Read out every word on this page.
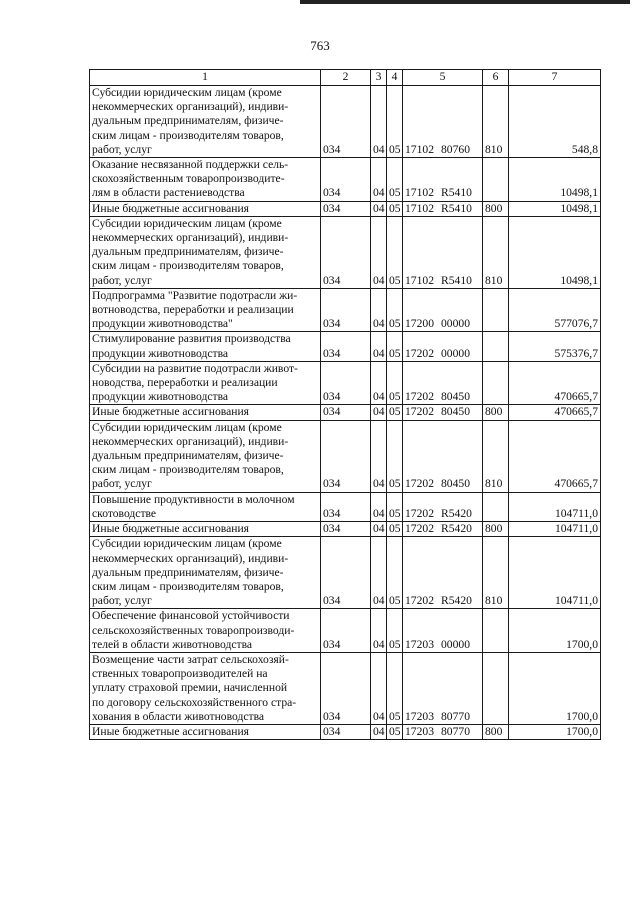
763
1	2	3	4	5	6	7

Субсидии юридическим лицам (кроме
некоммерческих организаций), индиви-
дуальным предпринимателям, физиче-
ским лицам - производителям товаров,
работ, услуг	034	04	05	17102 80760	810	548,8

Оказание несвязанной поддержки сель-
скохозяйственным товаропроизводите-
лям в области растениеводства	034	04	05	17102 R5410		10498,1

Иные бюджетные ассигнования	034	04	05	17102 R5410	800	10498,1

Субсидии юридическим лицам (кроме
некоммерческих организаций), индиви-
дуальным предпринимателям, физиче-
ским лицам - производителям товаров,
работ, услуг	034	04	05	17102 R5410	810	10498,1

Подпрограмма "Развитие подотрасли жи-
вотноводства, переработки и реализации
продукции животноводства"	034	04	05	17200 00000		577076,7

Стимулирование развития производства
продукции животноводства	034	04	05	17202 00000		575376,7

Субсидии на развитие подотрасли живот-
новодства, переработки и реализации
продукции животноводства	034	04	05	17202 80450		470665,7

Иные бюджетные ассигнования	034	04	05	17202 80450	800	470665,7

Субсидии юридическим лицам (кроме
некоммерческих организаций), индиви-
дуальным предпринимателям, физиче-
ским лицам - производителям товаров,
работ, услуг	034	04	05	17202 80450	810	470665,7

Повышение продуктивности в молочном
скотоводстве	034	04	05	17202 R5420		104711,0

Иные бюджетные ассигнования	034	04	05	17202 R5420	800	104711,0

Субсидии юридическим лицам (кроме
некоммерческих организаций), индиви-
дуальным предпринимателям, физиче-
ским лицам - производителям товаров,
работ, услуг	034	04	05	17202 R5420	810	104711,0

Обеспечение финансовой устойчивости
сельскохозяйственных товаропроизводи-
телей в области животноводства	034	04	05	17203 00000		1700,0

Возмещение части затрат сельскохозяй-
ственных товаропроизводителей на
уплату страховой премии, начисленной
по договору сельскохозяйственного стра-
хования в области животноводства	034	04	05	17203 80770		1700,0

Иные бюджетные ассигнования	034	04	05	17203 80770	800	1700,0
